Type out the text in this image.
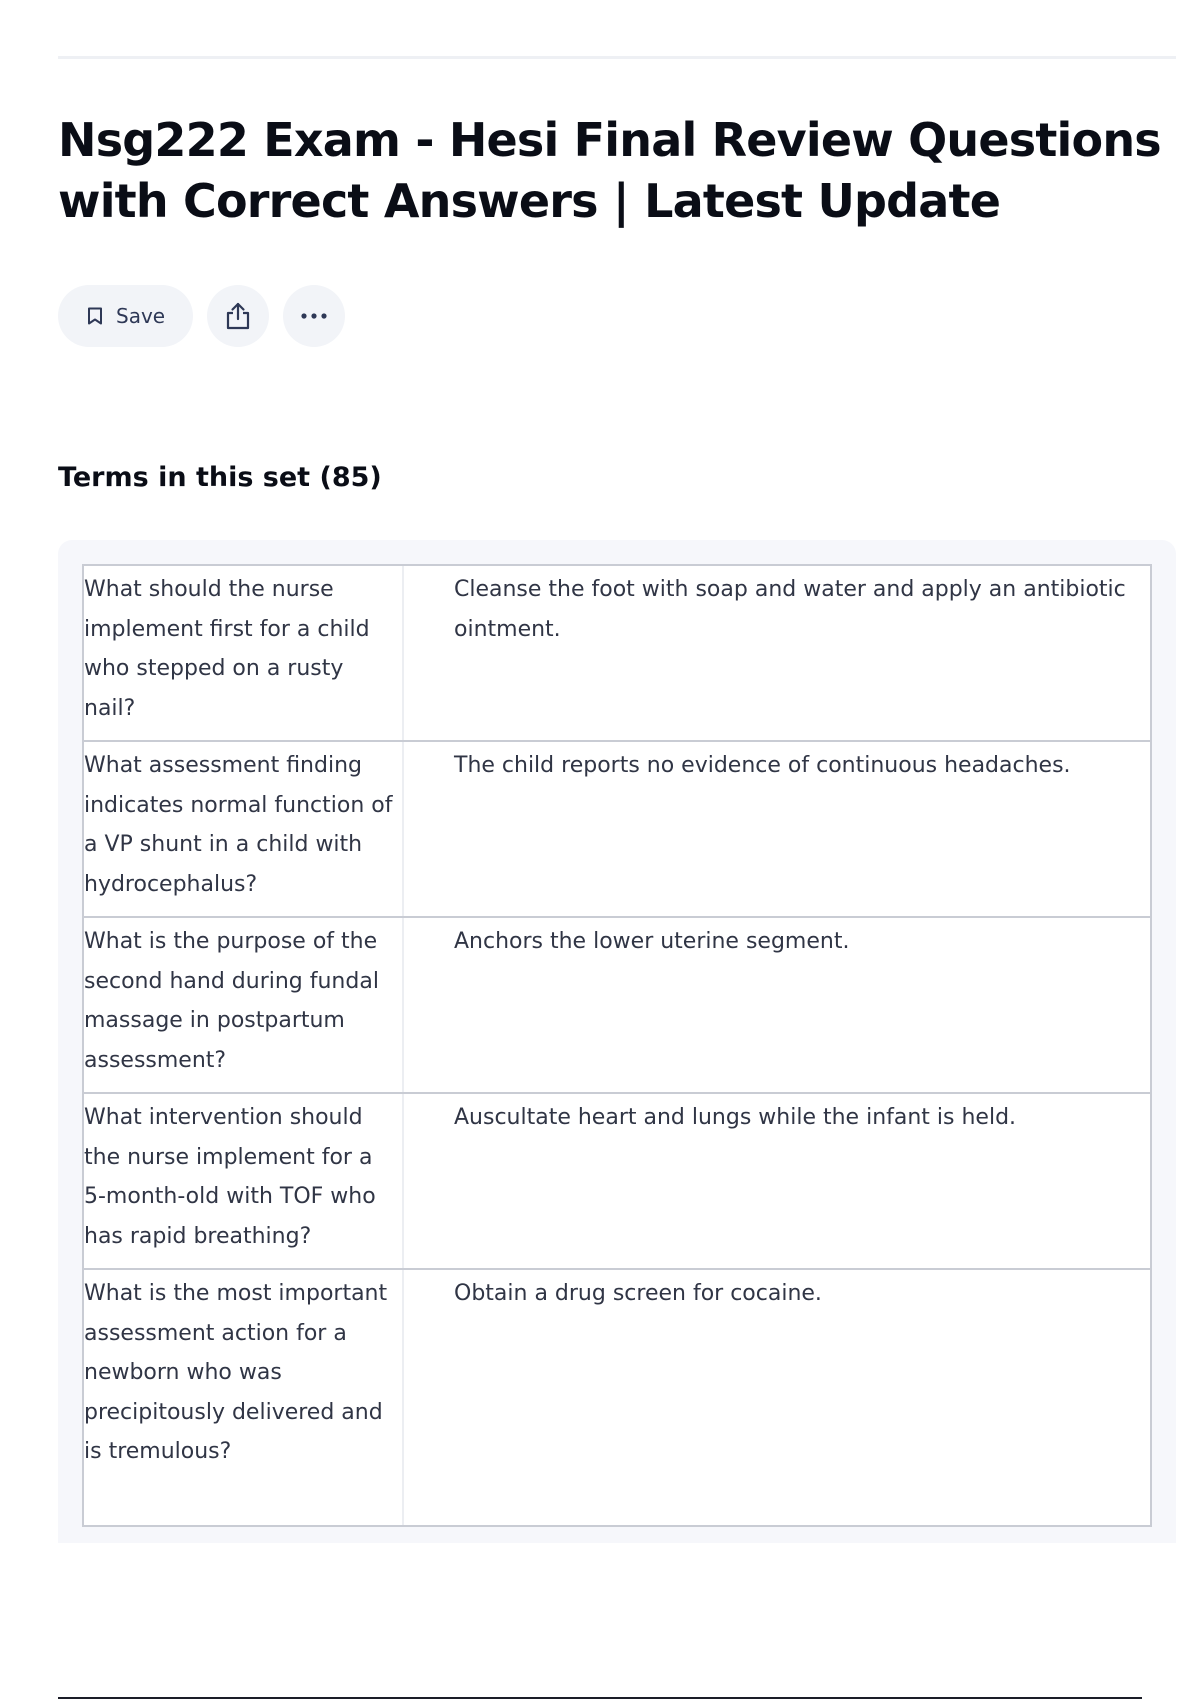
Nsg222 Exam - Hesi Final Review Questions with Correct Answers | Latest Update
Save
Terms in this set (85)
What should the nurse implement first for a child who stepped on a rusty nail?
Cleanse the foot with soap and water and apply an antibiotic ointment.
What assessment finding indicates normal function of a VP shunt in a child with hydrocephalus?
The child reports no evidence of continuous headaches.
What is the purpose of the second hand during fundal massage in postpartum assessment?
Anchors the lower uterine segment.
What intervention should the nurse implement for a 5-month-old with TOF who has rapid breathing?
Auscultate heart and lungs while the infant is held.
What is the most important assessment action for a newborn who was precipitously delivered and is tremulous?
Obtain a drug screen for cocaine.
